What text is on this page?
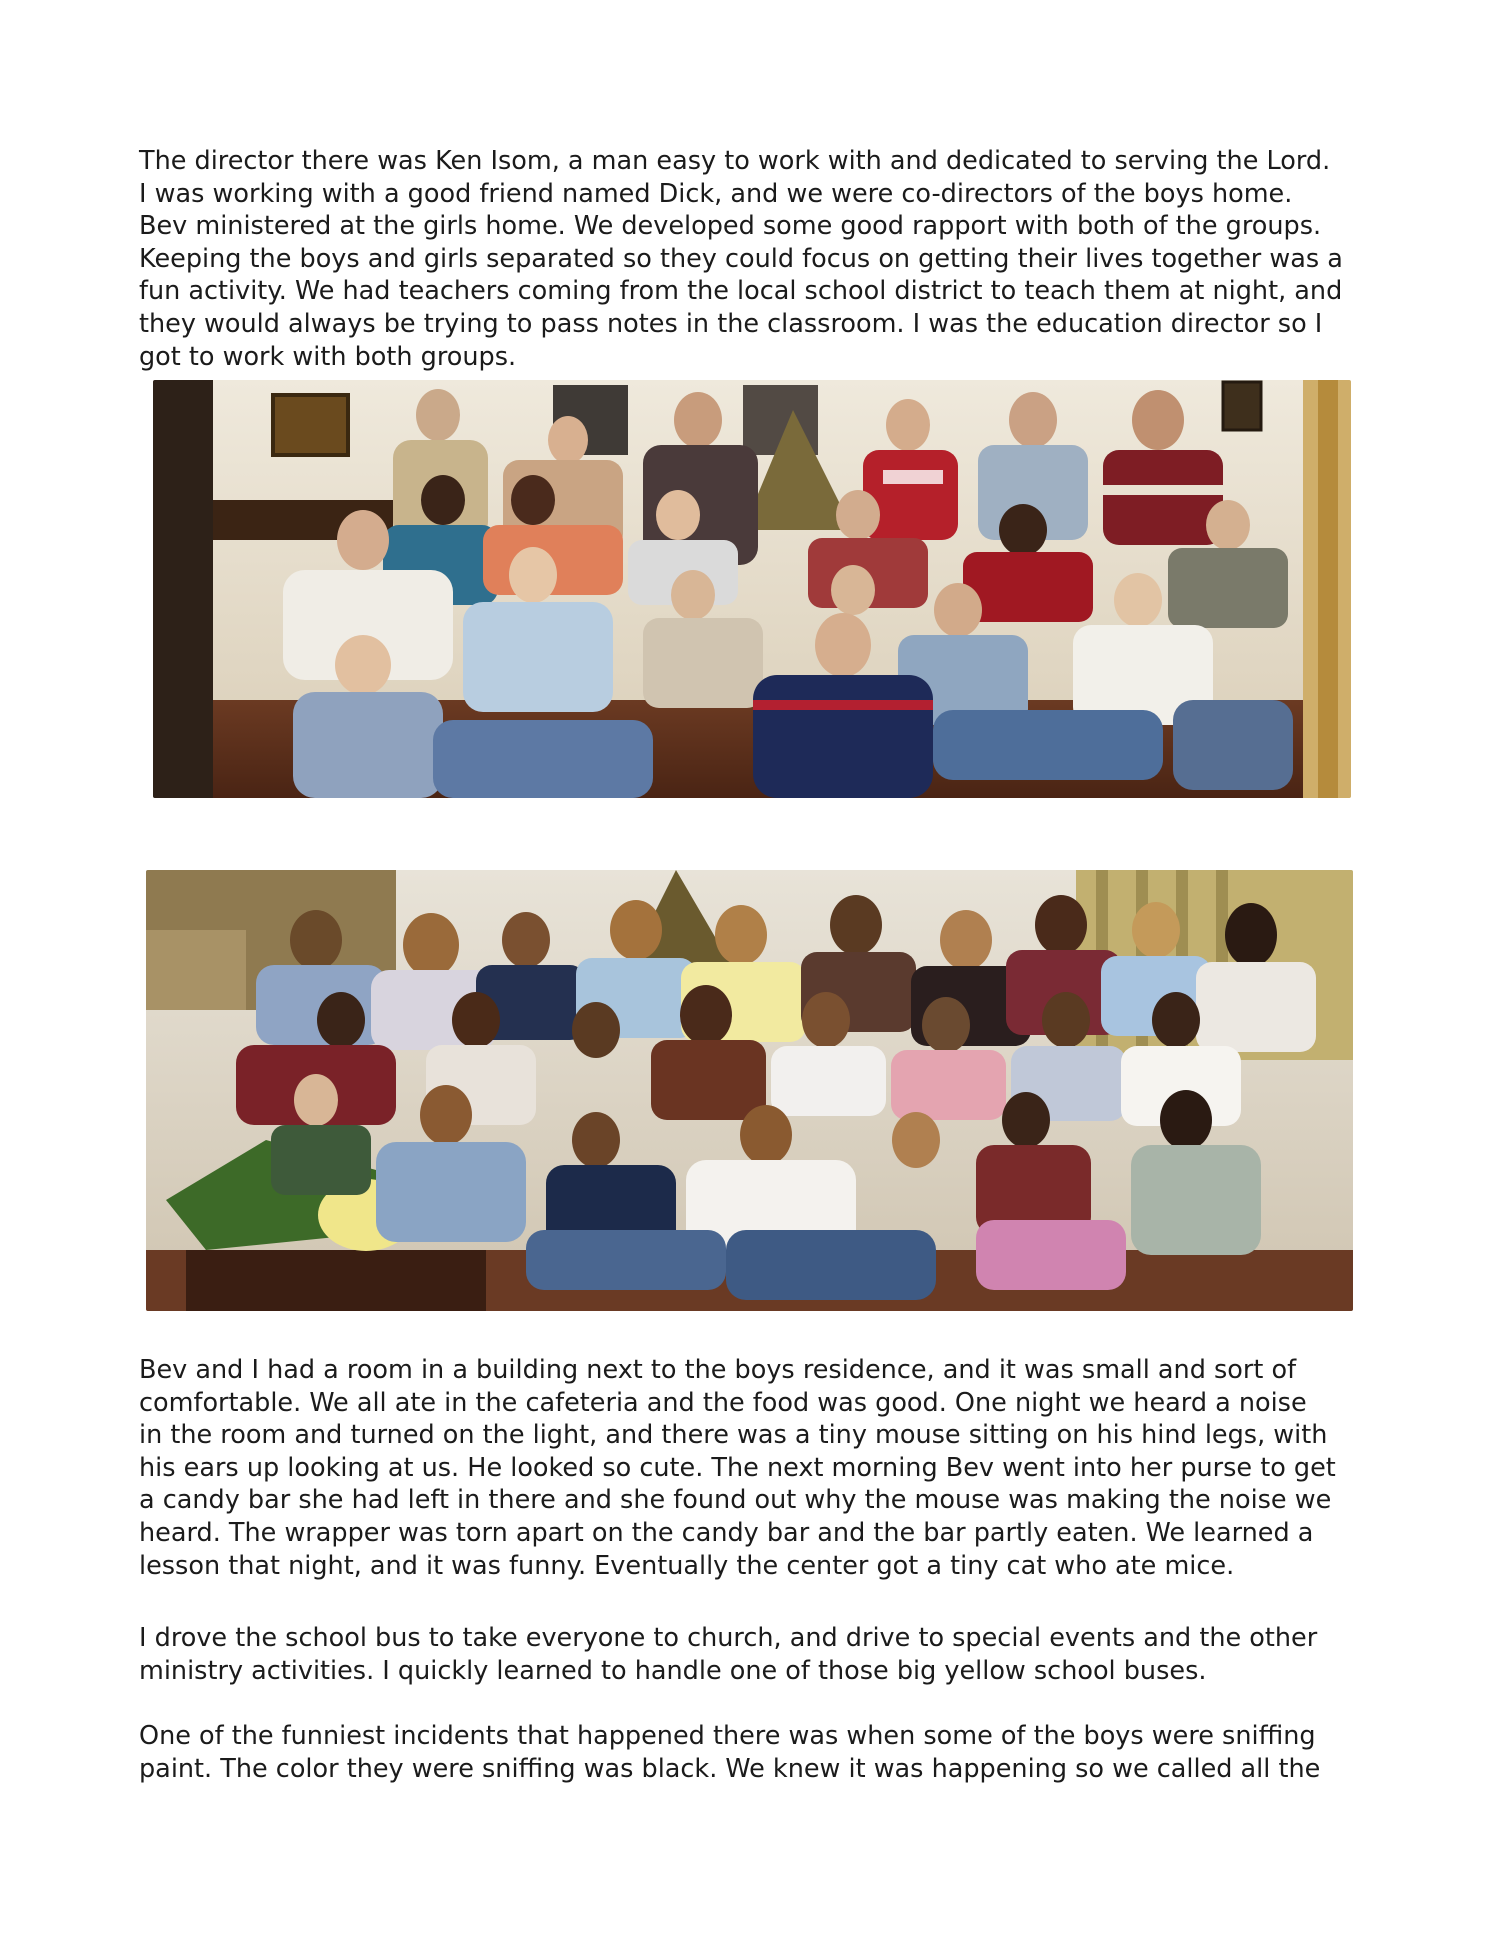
The director there was Ken Isom, a man easy to work with and dedicated to serving the Lord.
I was working with a good friend named Dick, and we were co-directors of the boys home.
Bev ministered at the girls home. We developed some good rapport with both of the groups.
Keeping the boys and girls separated so they could focus on getting their lives together was a
fun activity. We had teachers coming from the local school district to teach them at night, and
they would always be trying to pass notes in the classroom. I was the education director so I
got to work with both groups.
Bev and I had a room in a building next to the boys residence, and it was small and sort of
comfortable. We all ate in the cafeteria and the food was good. One night we heard a noise
in the room and turned on the light, and there was a tiny mouse sitting on his hind legs, with
his ears up looking at us. He looked so cute. The next morning Bev went into her purse to get
a candy bar she had left in there and she found out why the mouse was making the noise we
heard. The wrapper was torn apart on the candy bar and the bar partly eaten. We learned a
lesson that night, and it was funny. Eventually the center got a tiny cat who ate mice.
I drove the school bus to take everyone to church, and drive to special events and the other
ministry activities. I quickly learned to handle one of those big yellow school buses.
One of the funniest incidents that happened there was when some of the boys were sniffing
paint. The color they were sniffing was black. We knew it was happening so we called all the
